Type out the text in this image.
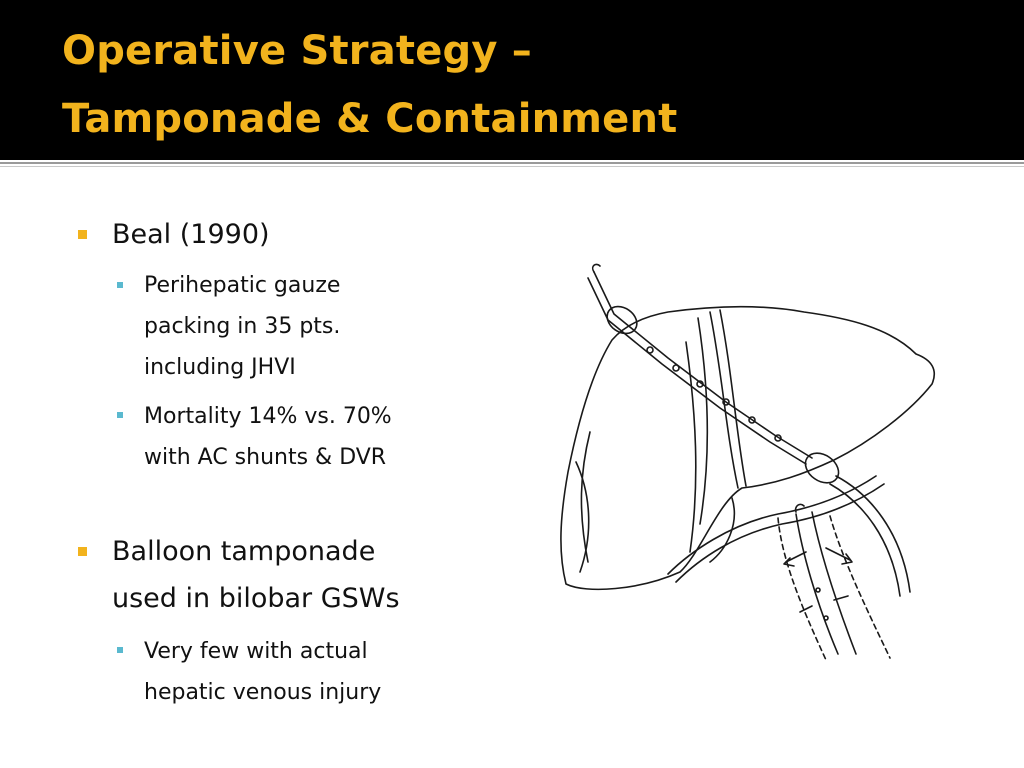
Operative Strategy –
Tamponade & Containment
Beal (1990)
Perihepatic gauze
packing in 35 pts.
including JHVI
Mortality 14% vs. 70%
with AC shunts & DVR
Balloon tamponade
used in bilobar GSWs
Very few with actual
hepatic venous injury
